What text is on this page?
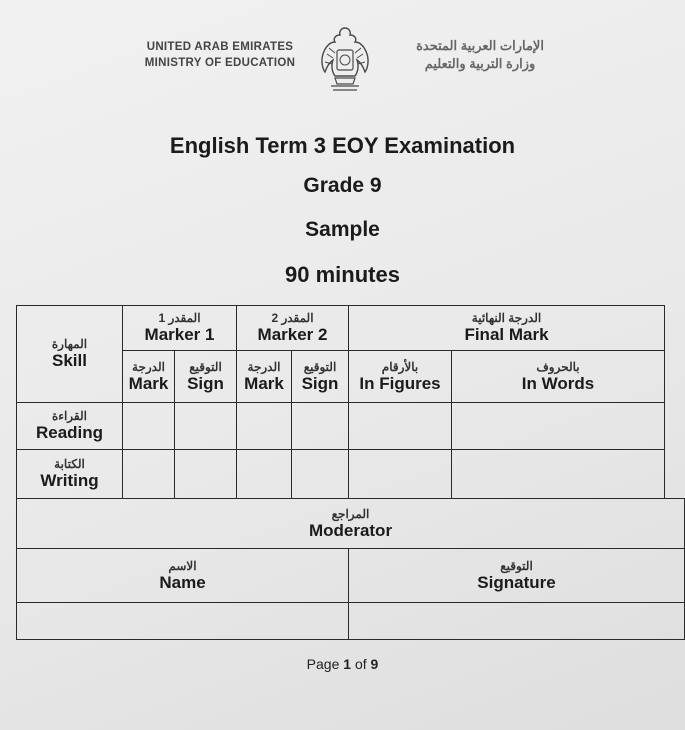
UNITED ARAB EMIRATES
MINISTRY OF EDUCATION
الإمارات العربية المتحدة
وزارة التربية والتعليم
English Term 3 EOY Examination
Grade 9
Sample
90 minutes
المهارة
Skill
المقدر 1
Marker 1
المقدر 2
Marker 2
الدرجة النهائية
Final Mark
الدرجة
Mark
التوقيع
Sign
الدرجة
Mark
التوقيع
Sign
بالأرقام
In Figures
بالحروف
In Words
القراءة
Reading
الكتابة
Writing
المراجع
Moderator
الاسم
Name
التوقيع
Signature
Page 1 of 9
